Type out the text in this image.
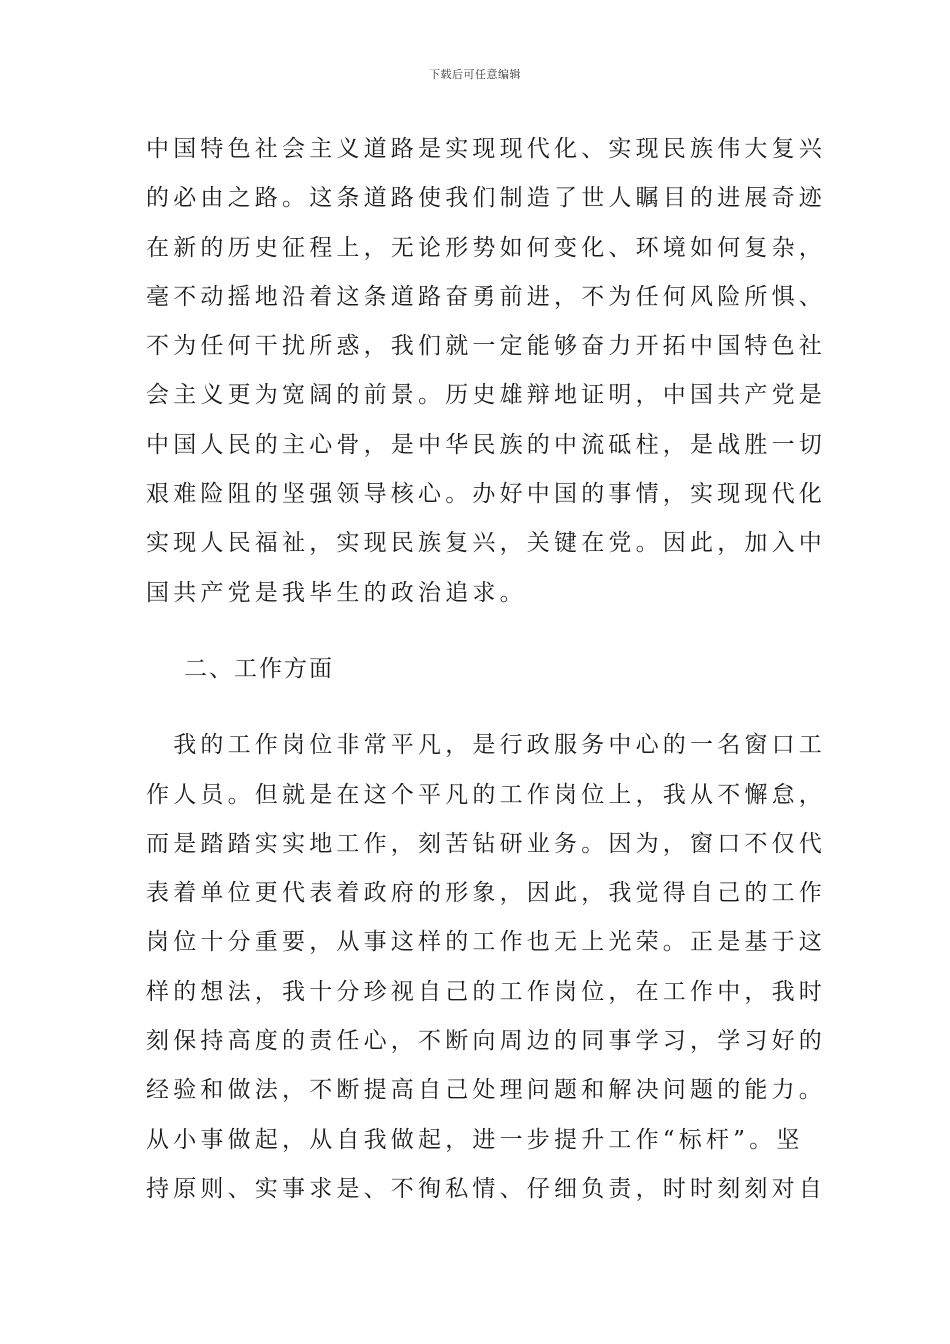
下载后可任意编辑
中国特色社会主义道路是实现现代化、实现民族伟大复兴
的必由之路。这条道路使我们制造了世人瞩目的进展奇迹
在新的历史征程上，无论形势如何变化、环境如何复杂，
毫不动摇地沿着这条道路奋勇前进，不为任何风险所惧、
不为任何干扰所惑，我们就一定能够奋力开拓中国特色社
会主义更为宽阔的前景。历史雄辩地证明，中国共产党是
中国人民的主心骨，是中华民族的中流砥柱，是战胜一切
艰难险阻的坚强领导核心。办好中国的事情，实现现代化
实现人民福祉，实现民族复兴，关键在党。因此，加入中
国共产党是我毕生的政治追求。
二、工作方面
　我的工作岗位非常平凡，是行政服务中心的一名窗口工
作人员。但就是在这个平凡的工作岗位上，我从不懈怠，
而是踏踏实实地工作，刻苦钻研业务。因为，窗口不仅代
表着单位更代表着政府的形象，因此，我觉得自己的工作
岗位十分重要，从事这样的工作也无上光荣。正是基于这
样的想法，我十分珍视自己的工作岗位，在工作中，我时
刻保持高度的责任心，不断向周边的同事学习，学习好的
经验和做法，不断提高自己处理问题和解决问题的能力。
从小事做起，从自我做起，进一步提升工作“标杆”。坚
持原则、实事求是、不徇私情、仔细负责，时时刻刻对自
